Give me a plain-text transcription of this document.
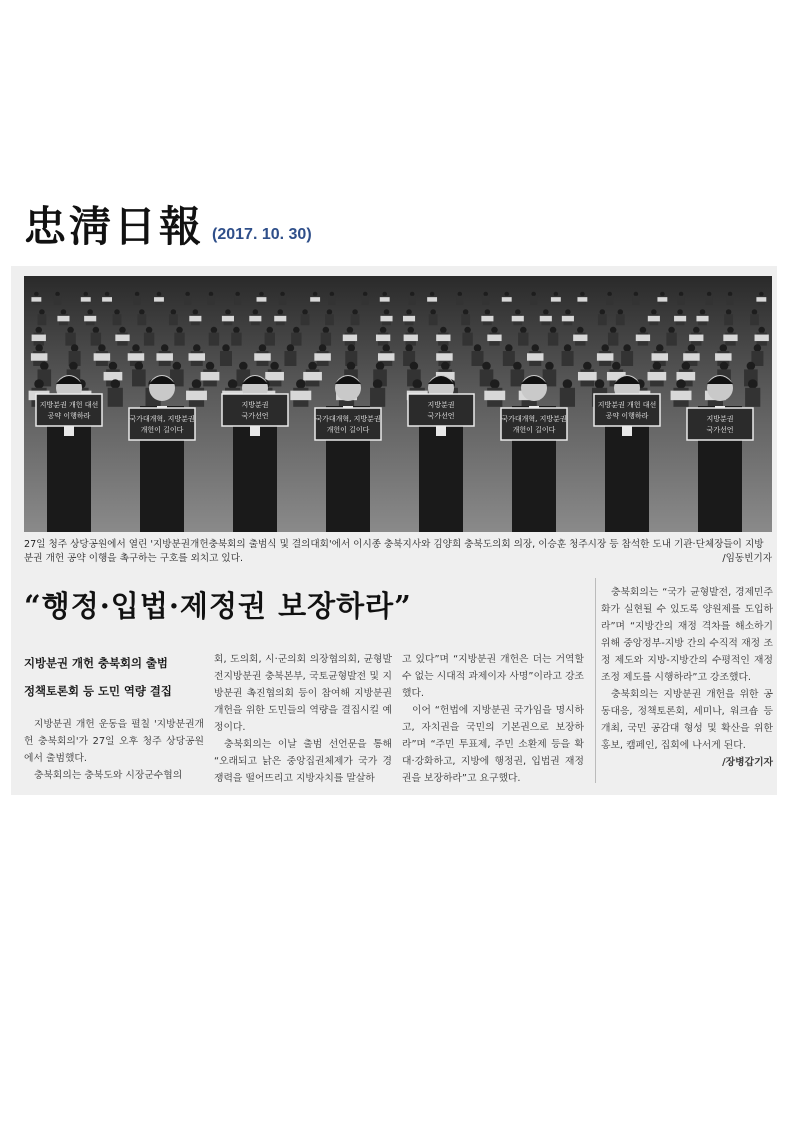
忠淸日報 (2017. 10. 30)
지방분권 개헌 대선
공약 이행하라	국가대개혁, 지방분권
개헌이 길이다
지방분권
국가선언	국가대개혁, 지방분권
개헌이 길이다
지방분권
국가선언	국가대개혁, 지방분권
개헌이 길이다
지방분권 개헌 대선
공약 이행하라	지방분권
국가선언
27일 청주 상당공원에서 열린 '지방분권개헌충북회의 출범식 및 결의대회'에서 이시종 충북지사와 김양희 충북도의회 의장, 이승훈 청주시장 등 참석한 도내 기관·단체장들이 지방분권 개헌 공약 이행을 촉구하는 구호를 외치고 있다.	/임동빈기자
“행정·입법·제정권 보장하라”
지방분권 개헌 충북회의 출범
정책토론회 등 도민 역량 결집

지방분권 개헌 운동을 펼칠 '지방분권개헌 충북회의'가 27일 오후 청주 상당공원에서 출범했다.

충북회의는 충북도와 시장군수협의

회, 도의회, 시·군의회 의장협의회, 균형발전지방분권 충북본부, 국토균형발전 및 지방분권 촉진협의회 등이 참여해 지방분권 개헌을 위한 도민들의 역량을 결집시킬 예정이다.

충북회의는 이날 출범 선언문을 통해 “오래되고 낡은 중앙집권체제가 국가 경쟁력을 떨어뜨리고 지방자치를 말살하

고 있다”며 “지방분권 개헌은 더는 거역할 수 없는 시대적 과제이자 사명”이라고 강조했다.

이어 “헌법에 지방분권 국가임을 명시하고, 자치권을 국민의 기본권으로 보장하라”며 “주민 투표제, 주민 소환제 등을 확대·강화하고, 지방에 행정권, 입법권 재정권을 보장하라”고 요구했다.

충북회의는 “국가 균형발전, 경제민주화가 실현될 수 있도록 양원제를 도입하라”며 “지방간의 재정 격차를 해소하기 위해 중앙정부-지방 간의 수직적 재정 조정 제도와 지방-지방간의 수평적인 재정 조정 제도를 시행하라”고 강조했다.

충북회의는 지방분권 개헌을 위한 공동대응, 정책토론회, 세미나, 워크숍 등 개최, 국민 공감대 형성 및 확산을 위한 홍보, 캠페인, 집회에 나서게 된다.

/장병갑기자
